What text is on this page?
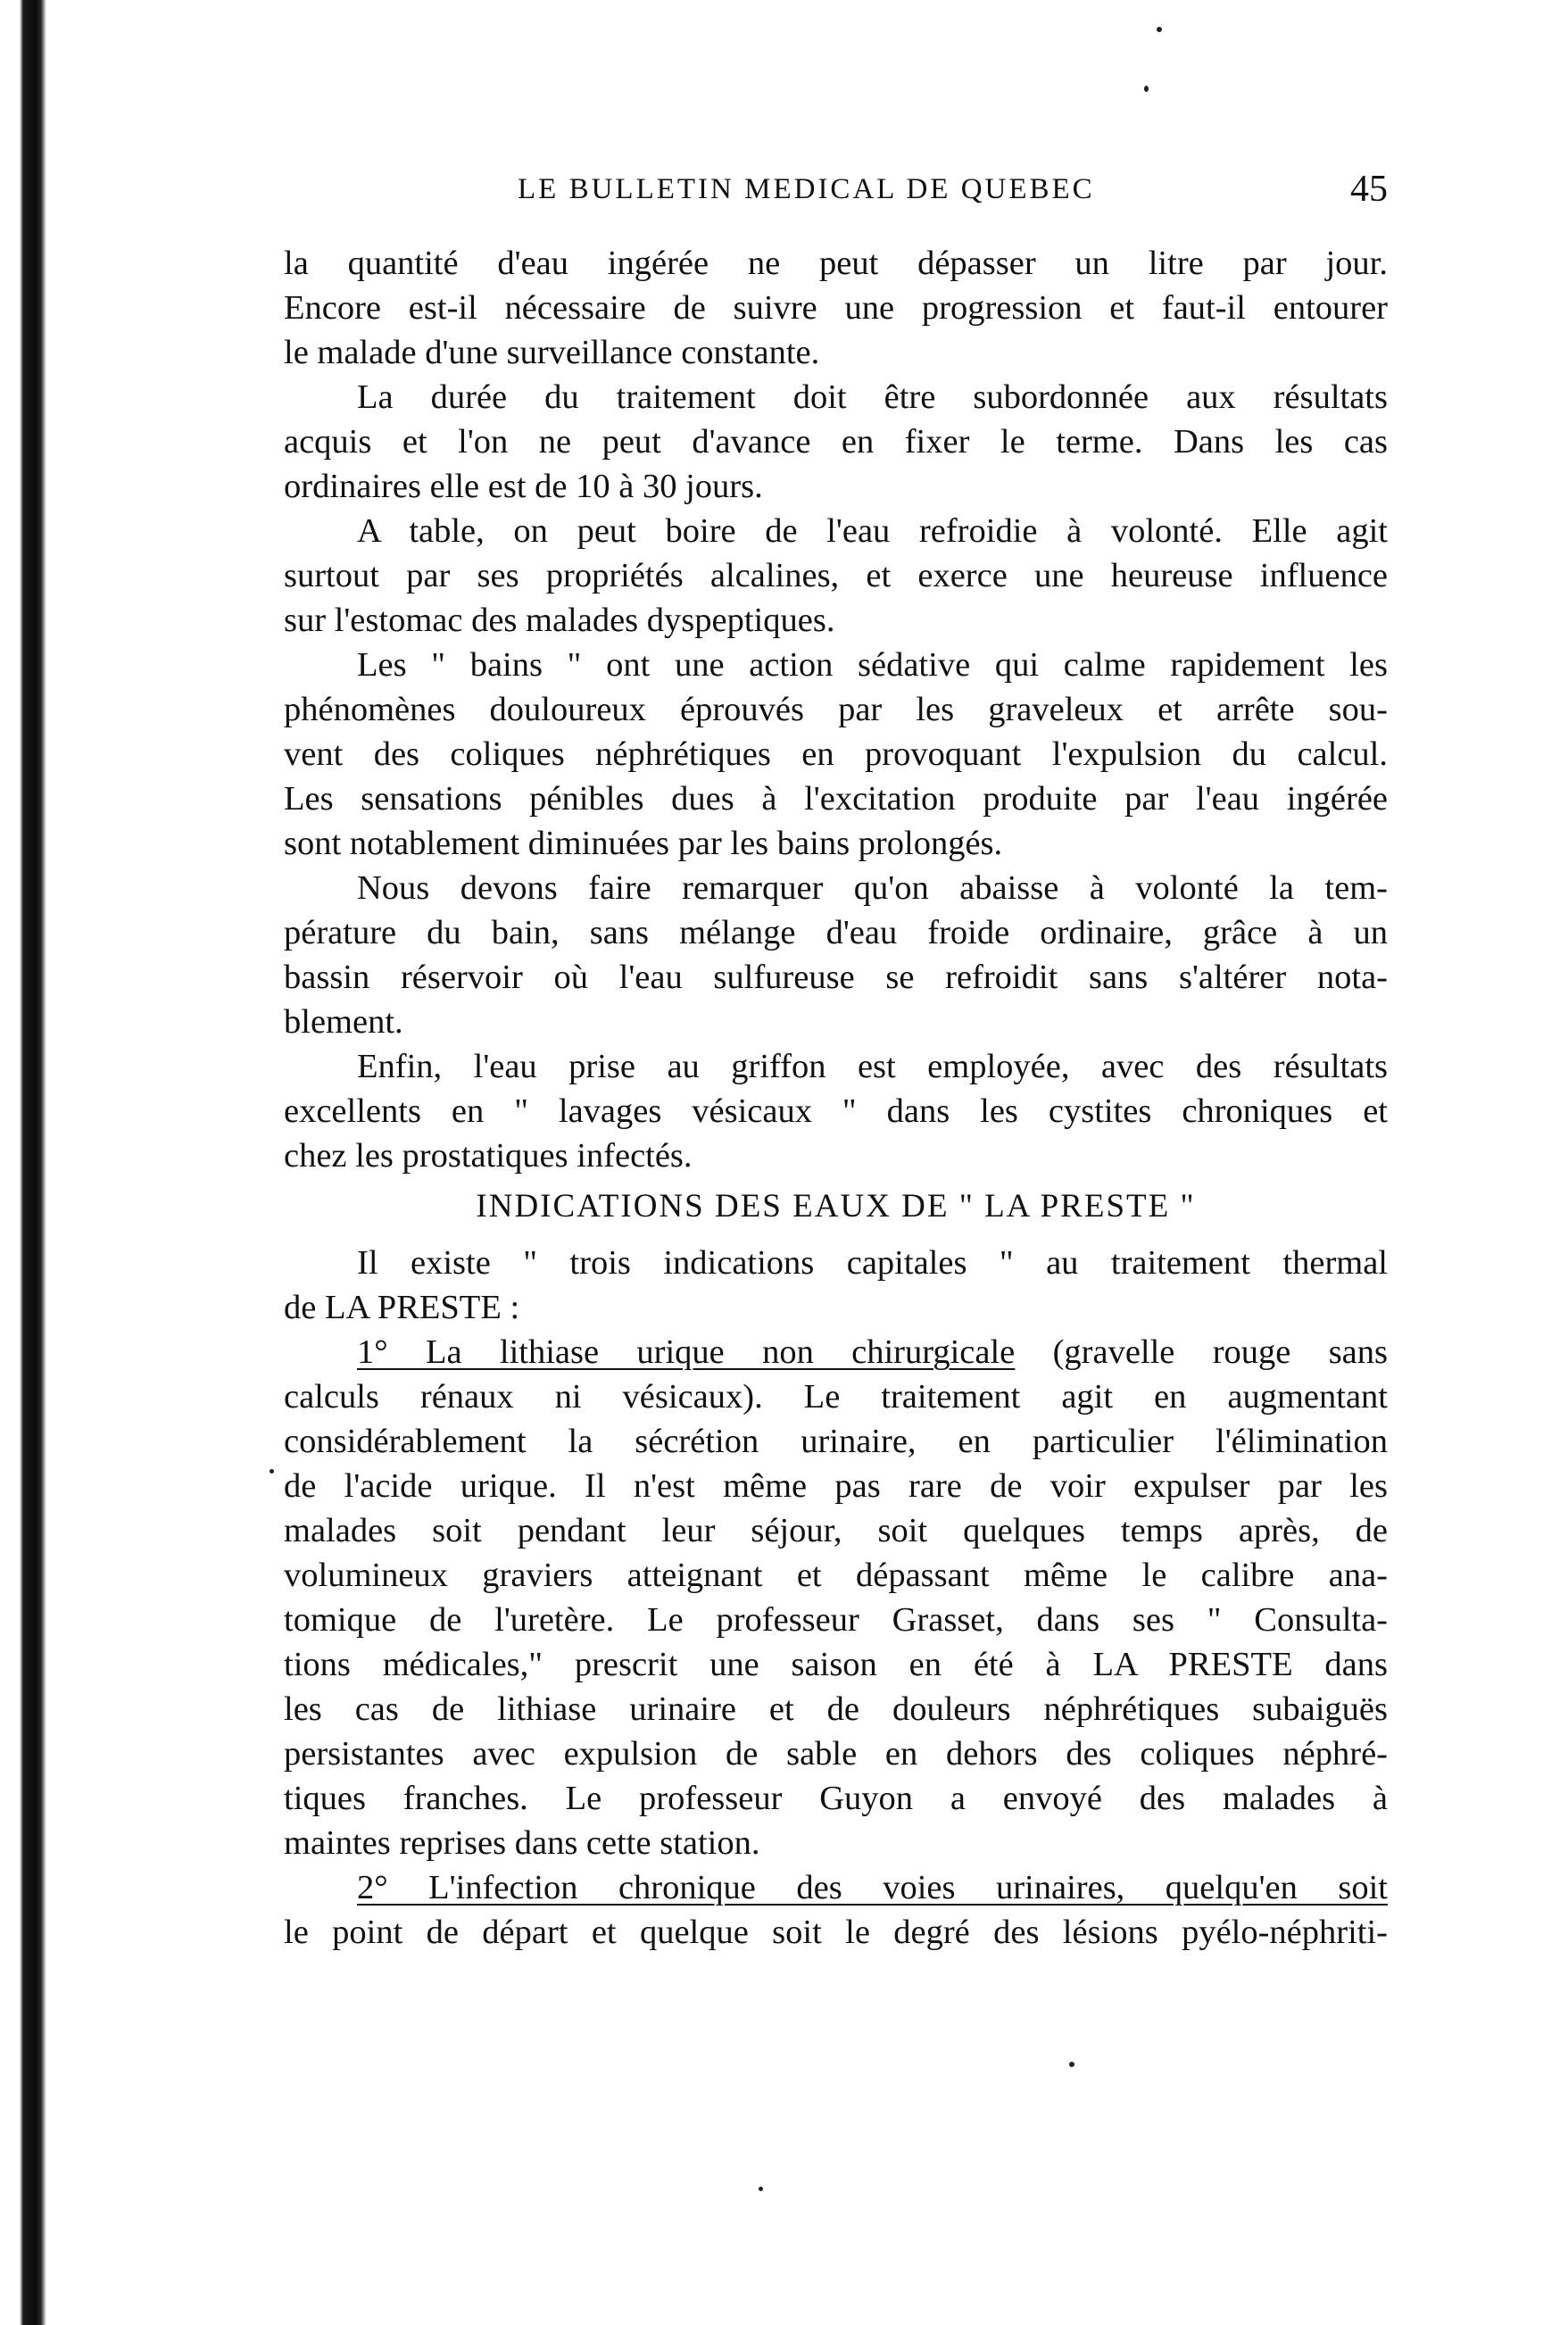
LE BULLETIN MEDICAL DE QUEBEC	45
la quantité d'eau ingérée ne peut dépasser un litre par jour.
Encore est-il nécessaire de suivre une progression et faut-il entourer
le malade d'une surveillance constante.
La durée du traitement doit être subordonnée aux résultats
acquis et l'on ne peut d'avance en fixer le terme. Dans les cas
ordinaires elle est de 10 à 30 jours.
A table, on peut boire de l'eau refroidie à volonté. Elle agit
surtout par ses propriétés alcalines, et exerce une heureuse influence
sur l'estomac des malades dyspeptiques.
Les " bains " ont une action sédative qui calme rapidement les
phénomènes douloureux éprouvés par les graveleux et arrête sou-
vent des coliques néphrétiques en provoquant l'expulsion du calcul.
Les sensations pénibles dues à l'excitation produite par l'eau ingérée
sont notablement diminuées par les bains prolongés.
Nous devons faire remarquer qu'on abaisse à volonté la tem-
pérature du bain, sans mélange d'eau froide ordinaire, grâce à un
bassin réservoir où l'eau sulfureuse se refroidit sans s'altérer nota-
blement.
Enfin, l'eau prise au griffon est employée, avec des résultats
excellents en " lavages vésicaux " dans les cystites chroniques et
chez les prostatiques infectés.
INDICATIONS DES EAUX DE " LA PRESTE "
Il existe " trois indications capitales " au traitement thermal
de LA PRESTE :
1° La lithiase urique non chirurgicale (gravelle rouge sans
calculs rénaux ni vésicaux). Le traitement agit en augmentant
considérablement la sécrétion urinaire, en particulier l'élimination
de l'acide urique. Il n'est même pas rare de voir expulser par les
malades soit pendant leur séjour, soit quelques temps après, de
volumineux graviers atteignant et dépassant même le calibre ana-
tomique de l'uretère. Le professeur Grasset, dans ses " Consulta-
tions médicales," prescrit une saison en été à LA PRESTE dans
les cas de lithiase urinaire et de douleurs néphrétiques subaiguës
persistantes avec expulsion de sable en dehors des coliques néphré-
tiques franches. Le professeur Guyon a envoyé des malades à
maintes reprises dans cette station.
2° L'infection chronique des voies urinaires, quelqu'en soit
le point de départ et quelque soit le degré des lésions pyélo-néphriti-
